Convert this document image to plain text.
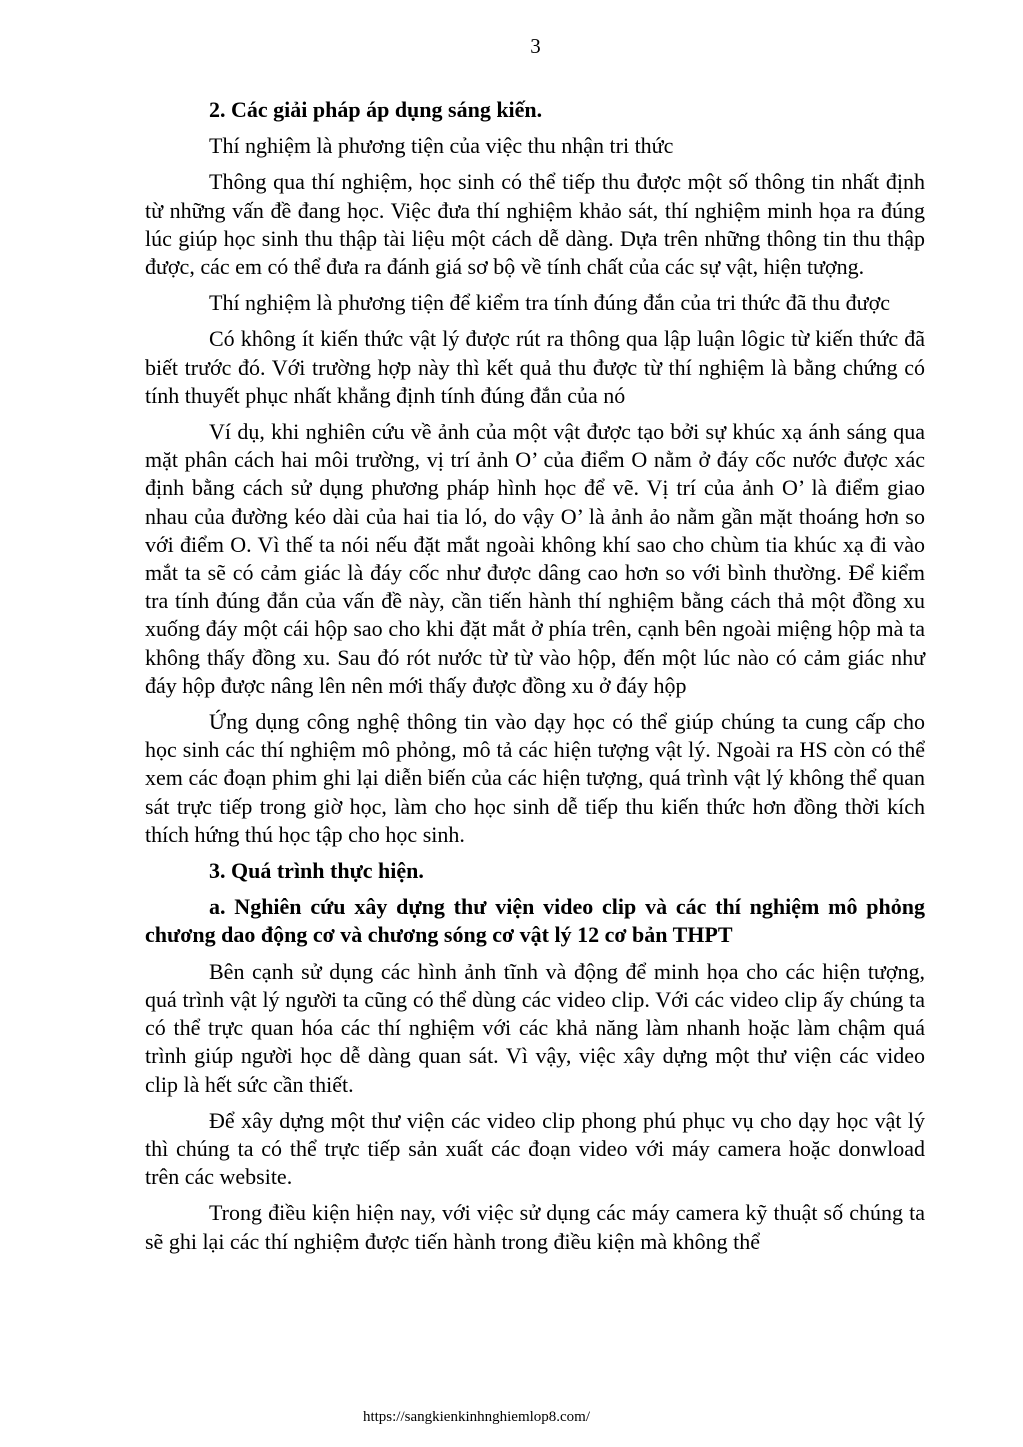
3

2. Các giải pháp áp dụng sáng kiến.

Thí nghiệm là phương tiện của việc thu nhận tri thức

Thông qua thí nghiệm, học sinh có thể tiếp thu được một số thông tin nhất định từ những vấn đề đang học. Việc đưa thí nghiệm khảo sát, thí nghiệm minh họa ra đúng lúc giúp học sinh thu thập tài liệu một cách dễ dàng. Dựa trên những thông tin thu thập được, các em có thể đưa ra đánh giá sơ bộ về tính chất của các sự vật, hiện tượng.

Thí nghiệm là phương tiện để kiểm tra tính đúng đắn của tri thức đã thu được

Có không ít kiến thức vật lý được rút ra thông qua lập luận lôgic từ kiến thức đã biết trước đó. Với trường hợp này thì kết quả thu được từ thí nghiệm là bằng chứng có tính thuyết phục nhất khẳng định tính đúng đắn của nó

Ví dụ, khi nghiên cứu về ảnh của một vật được tạo bởi sự khúc xạ ánh sáng qua mặt phân cách hai môi trường, vị trí ảnh O’ của điểm O nằm ở đáy cốc nước được xác định bằng cách sử dụng phương pháp hình học để vẽ. Vị trí của ảnh O’ là điểm giao nhau của đường kéo dài của hai tia ló, do vậy O’ là ảnh ảo nằm gần mặt thoáng hơn so với điểm O. Vì thế ta nói nếu đặt mắt ngoài không khí sao cho chùm tia khúc xạ đi vào mắt ta sẽ có cảm giác là đáy cốc như được dâng cao hơn so với bình thường. Để kiểm tra tính đúng đắn của vấn đề này, cần tiến hành thí nghiệm bằng cách thả một đồng xu xuống đáy một cái hộp sao cho khi đặt mắt ở phía trên, cạnh bên ngoài miệng hộp mà ta không thấy đồng xu. Sau đó rót nước từ từ vào hộp, đến một lúc nào có cảm giác như đáy hộp được nâng lên nên mới thấy được đồng xu ở đáy hộp

Ứng dụng công nghệ thông tin vào dạy học có thể giúp chúng ta cung cấp cho học sinh các thí nghiệm mô phỏng, mô tả các hiện tượng vật lý. Ngoài ra HS còn có thể xem các đoạn phim ghi lại diễn biến của các hiện tượng, quá trình vật lý không thể quan sát trực tiếp trong giờ học, làm cho học sinh dễ tiếp thu kiến thức hơn đồng thời kích thích hứng thú học tập cho học sinh.

3. Quá trình thực hiện.

a. Nghiên cứu xây dựng thư viện video clip và các thí nghiệm mô phỏng chương dao động cơ và chương sóng cơ vật lý 12 cơ bản THPT

Bên cạnh sử dụng các hình ảnh tĩnh và động để minh họa cho các hiện tượng, quá trình vật lý người ta cũng có thể dùng các video clip. Với các video clip ấy chúng ta có thể trực quan hóa các thí nghiệm với các khả năng làm nhanh hoặc làm chậm quá trình giúp người học dễ dàng quan sát. Vì vậy, việc xây dựng một thư viện các video clip là hết sức cần thiết.

Để xây dựng một thư viện các video clip phong phú phục vụ cho dạy học vật lý thì chúng ta có thể trực tiếp sản xuất các đoạn video với máy camera hoặc donwload trên các website.

Trong điều kiện hiện nay, với việc sử dụng các máy camera kỹ thuật số chúng ta sẽ ghi lại các thí nghiệm được tiến hành trong điều kiện mà không thể

https://sangkienkinhnghiemlop8.com/
